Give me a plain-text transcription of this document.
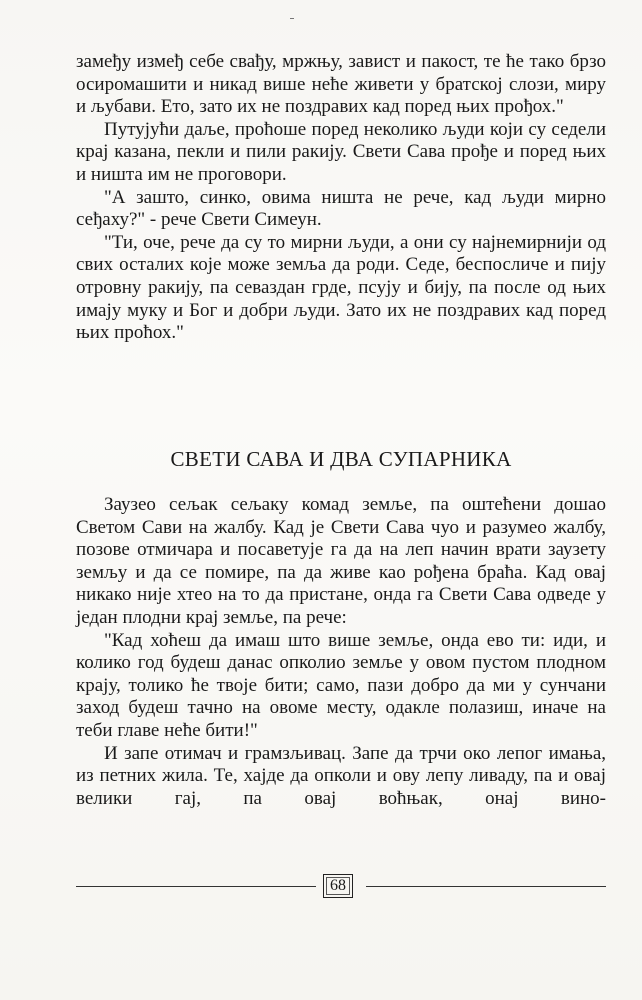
замеђу измеђ себе свађу, мржњу, завист и пакост, те ће тако брзо осиромашити и никад више неће живети у братској слози, миру и љубави. Ето, зато их не поздравих кад поред њих прођох."

Путујући даље, проћоше поред неколико људи који су седели крај казана, пекли и пили ракију. Свети Сава прође и поред њих и ништа им не проговори.

"А зашто, синко, овима ништа не рече, кад људи мирно сеђаху?" - рече Свети Симеун.

"Ти, оче, рече да су то мирни људи, а они су најнемирнији од свих осталих које може земља да роди. Седе, беспосличе и пију отровну ракију, па севаздан грде, псују и бију, па после од њих имају муку и Бог и добри људи. Зато их не поздравих кад поред њих проћох."

СВЕТИ САВА И ДВА СУПАРНИКА

Заузео сељак сељаку комад земље, па оштећени дошао Светом Сави на жалбу. Кад је Свети Сава чуо и разумео жалбу, позове отмичара и посаветује га да на леп начин врати заузету земљу и да се помире, па да живе као рођена браћа. Кад овај никако није хтео на то да пристане, онда га Свети Сава одведе у један плодни крај земље, па рече:

"Кад хоћеш да имаш што више земље, онда ево ти: иди, и колико год будеш данас опколио земље у овом пустом плодном крају, толико ће твоје бити; само, пази добро да ми у сунчани заход будеш тачно на овоме месту, одакле полазиш, иначе на теби главе неће бити!"

И запе отимач и грамзљивац. Запе да трчи око лепог имања, из петних жила. Те, хајде да опколи и ову лепу ливаду, па и овај велики гај, па овај воћњак, онај вино-

68
